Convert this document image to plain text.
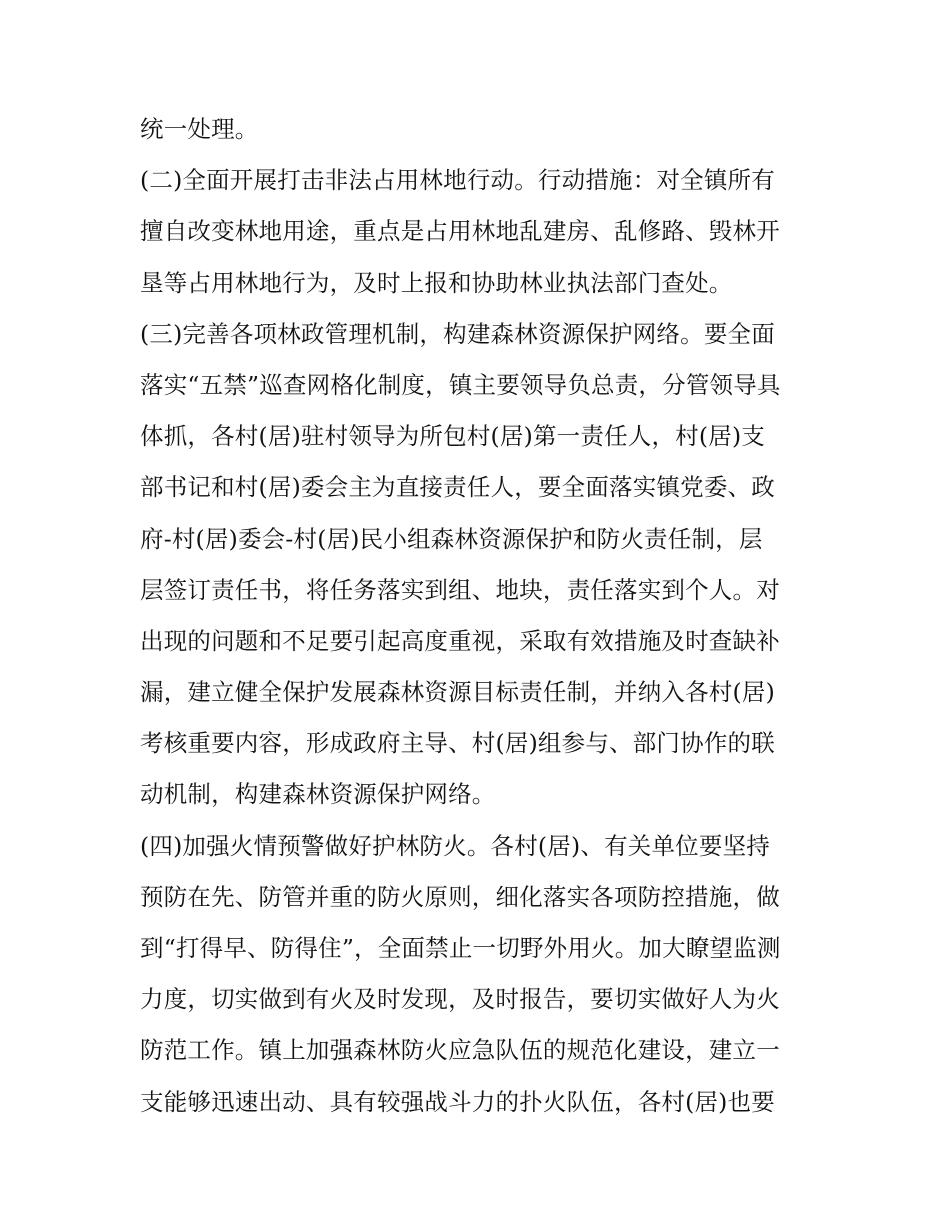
统一处理。
(二)全面开展打击非法占用林地行动。行动措施：对全镇所有
擅自改变林地用途，重点是占用林地乱建房、乱修路、毁林开
垦等占用林地行为，及时上报和协助林业执法部门查处。
(三)完善各项林政管理机制，构建森林资源保护网络。要全面
落实“五禁”巡查网格化制度，镇主要领导负总责，分管领导具
体抓，各村(居)驻村领导为所包村(居)第一责任人，村(居)支
部书记和村(居)委会主为直接责任人，要全面落实镇党委、政
府-村(居)委会-村(居)民小组森林资源保护和防火责任制，层
层签订责任书，将任务落实到组、地块，责任落实到个人。对
出现的问题和不足要引起高度重视，采取有效措施及时查缺补
漏，建立健全保护发展森林资源目标责任制，并纳入各村(居)
考核重要内容，形成政府主导、村(居)组参与、部门协作的联
动机制，构建森林资源保护网络。
(四)加强火情预警做好护林防火。各村(居)、有关单位要坚持
预防在先、防管并重的防火原则，细化落实各项防控措施，做
到“打得早、防得住”，全面禁止一切野外用火。加大瞭望监测
力度，切实做到有火及时发现，及时报告，要切实做好人为火
防范工作。镇上加强森林防火应急队伍的规范化建设，建立一
支能够迅速出动、具有较强战斗力的扑火队伍，各村(居)也要
